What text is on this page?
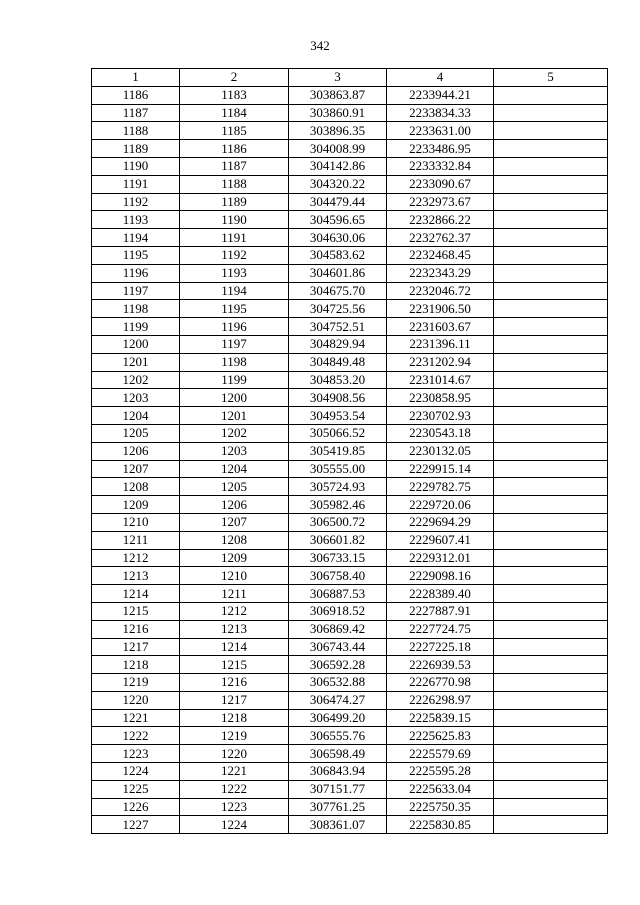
342
1	2	3	4	5
1186	1183	303863.87	2233944.21	
1187	1184	303860.91	2233834.33	
1188	1185	303896.35	2233631.00	
1189	1186	304008.99	2233486.95	
1190	1187	304142.86	2233332.84	
1191	1188	304320.22	2233090.67	
1192	1189	304479.44	2232973.67	
1193	1190	304596.65	2232866.22	
1194	1191	304630.06	2232762.37	
1195	1192	304583.62	2232468.45	
1196	1193	304601.86	2232343.29	
1197	1194	304675.70	2232046.72	
1198	1195	304725.56	2231906.50	
1199	1196	304752.51	2231603.67	
1200	1197	304829.94	2231396.11	
1201	1198	304849.48	2231202.94	
1202	1199	304853.20	2231014.67	
1203	1200	304908.56	2230858.95	
1204	1201	304953.54	2230702.93	
1205	1202	305066.52	2230543.18	
1206	1203	305419.85	2230132.05	
1207	1204	305555.00	2229915.14	
1208	1205	305724.93	2229782.75	
1209	1206	305982.46	2229720.06	
1210	1207	306500.72	2229694.29	
1211	1208	306601.82	2229607.41	
1212	1209	306733.15	2229312.01	
1213	1210	306758.40	2229098.16	
1214	1211	306887.53	2228389.40	
1215	1212	306918.52	2227887.91	
1216	1213	306869.42	2227724.75	
1217	1214	306743.44	2227225.18	
1218	1215	306592.28	2226939.53	
1219	1216	306532.88	2226770.98	
1220	1217	306474.27	2226298.97	
1221	1218	306499.20	2225839.15	
1222	1219	306555.76	2225625.83	
1223	1220	306598.49	2225579.69	
1224	1221	306843.94	2225595.28	
1225	1222	307151.77	2225633.04	
1226	1223	307761.25	2225750.35	
1227	1224	308361.07	2225830.85	
